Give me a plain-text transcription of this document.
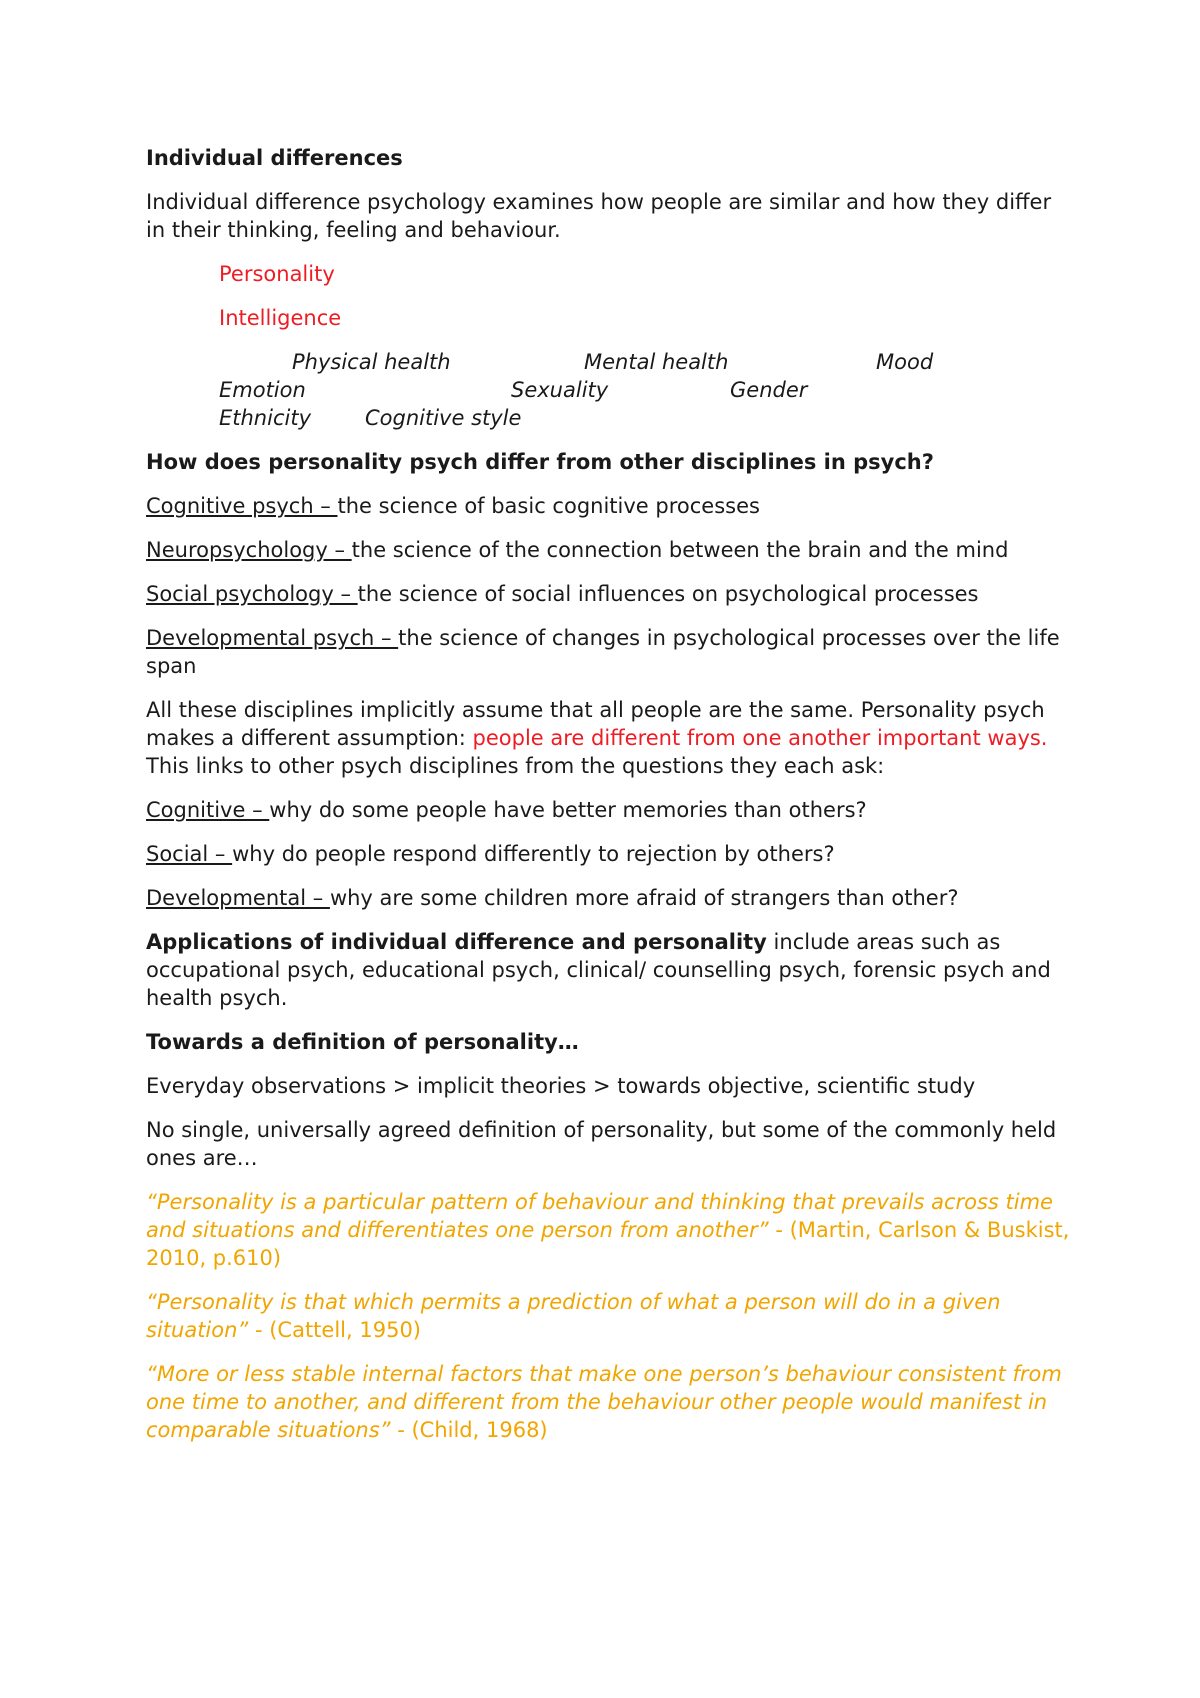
Individual differences

Individual difference psychology examines how people are similar and how they differ in their thinking, feeling and behaviour.

Personality

Intelligence

Physical health	Mental health	Mood
Emotion	Sexuality	Gender
Ethnicity	Cognitive style

How does personality psych differ from other disciplines in psych?

Cognitive psych – the science of basic cognitive processes

Neuropsychology – the science of the connection between the brain and the mind

Social psychology – the science of social influences on psychological processes

Developmental psych – the science of changes in psychological processes over the life span

All these disciplines implicitly assume that all people are the same. Personality psych makes a different assumption: people are different from one another important ways. This links to other psych disciplines from the questions they each ask:

Cognitive – why do some people have better memories than others?

Social – why do people respond differently to rejection by others?

Developmental – why are some children more afraid of strangers than other?

Applications of individual difference and personality include areas such as occupational psych, educational psych, clinical/ counselling psych, forensic psych and health psych.

Towards a definition of personality…

Everyday observations > implicit theories > towards objective, scientific study

No single, universally agreed definition of personality, but some of the commonly held ones are…

“Personality is a particular pattern of behaviour and thinking that prevails across time and situations and differentiates one person from another” - (Martin, Carlson & Buskist, 2010, p.610)

“Personality is that which permits a prediction of what a person will do in a given situation” - (Cattell, 1950)

“More or less stable internal factors that make one person’s behaviour consistent from one time to another, and different from the behaviour other people would manifest in comparable situations” - (Child, 1968)
